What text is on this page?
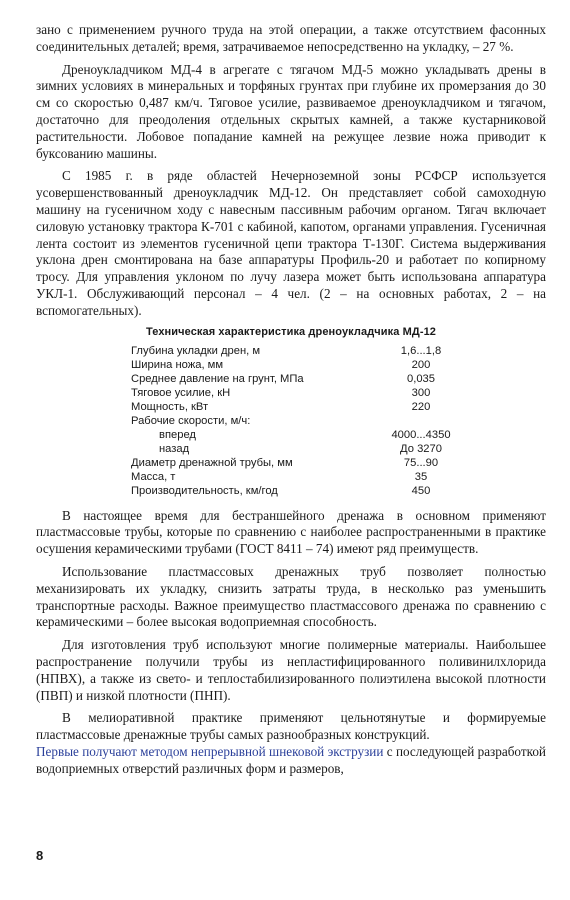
зано с применением ручного труда на этой операции, а также отсутствием фасонных соединительных деталей; время, затрачиваемое непосредственно на укладку, – 27 %.

Дреноукладчиком МД-4 в агрегате с тягачом МД-5 можно укладывать дрены в зимних условиях в минеральных и торфяных грунтах при глубине их промерзания до 30 см со скоростью 0,487 км/ч. Тяговое усилие, развиваемое дреноукладчиком и тягачом, достаточно для преодоления отдельных скрытых камней, а также кустарниковой растительности. Лобовое попадание камней на режущее лезвие ножа приводит к буксованию машины.

С 1985 г. в ряде областей Нечерноземной зоны РСФСР используется усовершенствованный дреноукладчик МД-12. Он представляет собой самоходную машину на гусеничном ходу с навесным пассивным рабочим органом. Тягач включает силовую установку трактора К-701 с кабиной, капотом, органами управления. Гусеничная лента состоит из элементов гусеничной цепи трактора Т-130Г. Система выдерживания уклона дрен смонтирована на базе аппаратуры Профиль-20 и работает по копирному тросу. Для управления уклоном по лучу лазера может быть использована аппаратура УКЛ-1. Обслуживающий персонал – 4 чел. (2 – на основных работах, 2 – на вспомогательных).

Техническая характеристика дреноукладчика МД-12
Глубина укладки дрен, м	1,6...1,8
Ширина ножа, мм	200
Среднее давление на грунт, МПа	0,035
Тяговое усилие, кН	300
Мощность, кВт	220
Рабочие скорости, м/ч:
вперед	4000...4350
назад	До 3270
Диаметр дренажной трубы, мм	75...90
Масса, т	35
Производительность, км/год	450

В настоящее время для бестраншейного дренажа в основном применяют пластмассовые трубы, которые по сравнению с наиболее распространенными в практике осушения керамическими трубами (ГОСТ 8411 – 74) имеют ряд преимуществ.

Использование пластмассовых дренажных труб позволяет полностью механизировать их укладку, снизить затраты труда, в несколько раз уменьшить транспортные расходы. Важное преимущество пластмассового дренажа по сравнению с керамическими – более высокая водоприемная способность.

Для изготовления труб используют многие полимерные материалы. Наибольшее распространение получили трубы из непластифицированного поливинилхлорида (НПВХ), а также из свето- и теплостабилизированного полиэтилена высокой плотности (ПВП) и низкой плотности (ПНП).

В мелиоративной практике применяют цельнотянутые и формируемые пластмассовые дренажные трубы самых разнообразных конструкций.
Первые получают методом непрерывной шнековой экструзии с последующей разработкой водоприемных отверстий различных форм и размеров,

8
